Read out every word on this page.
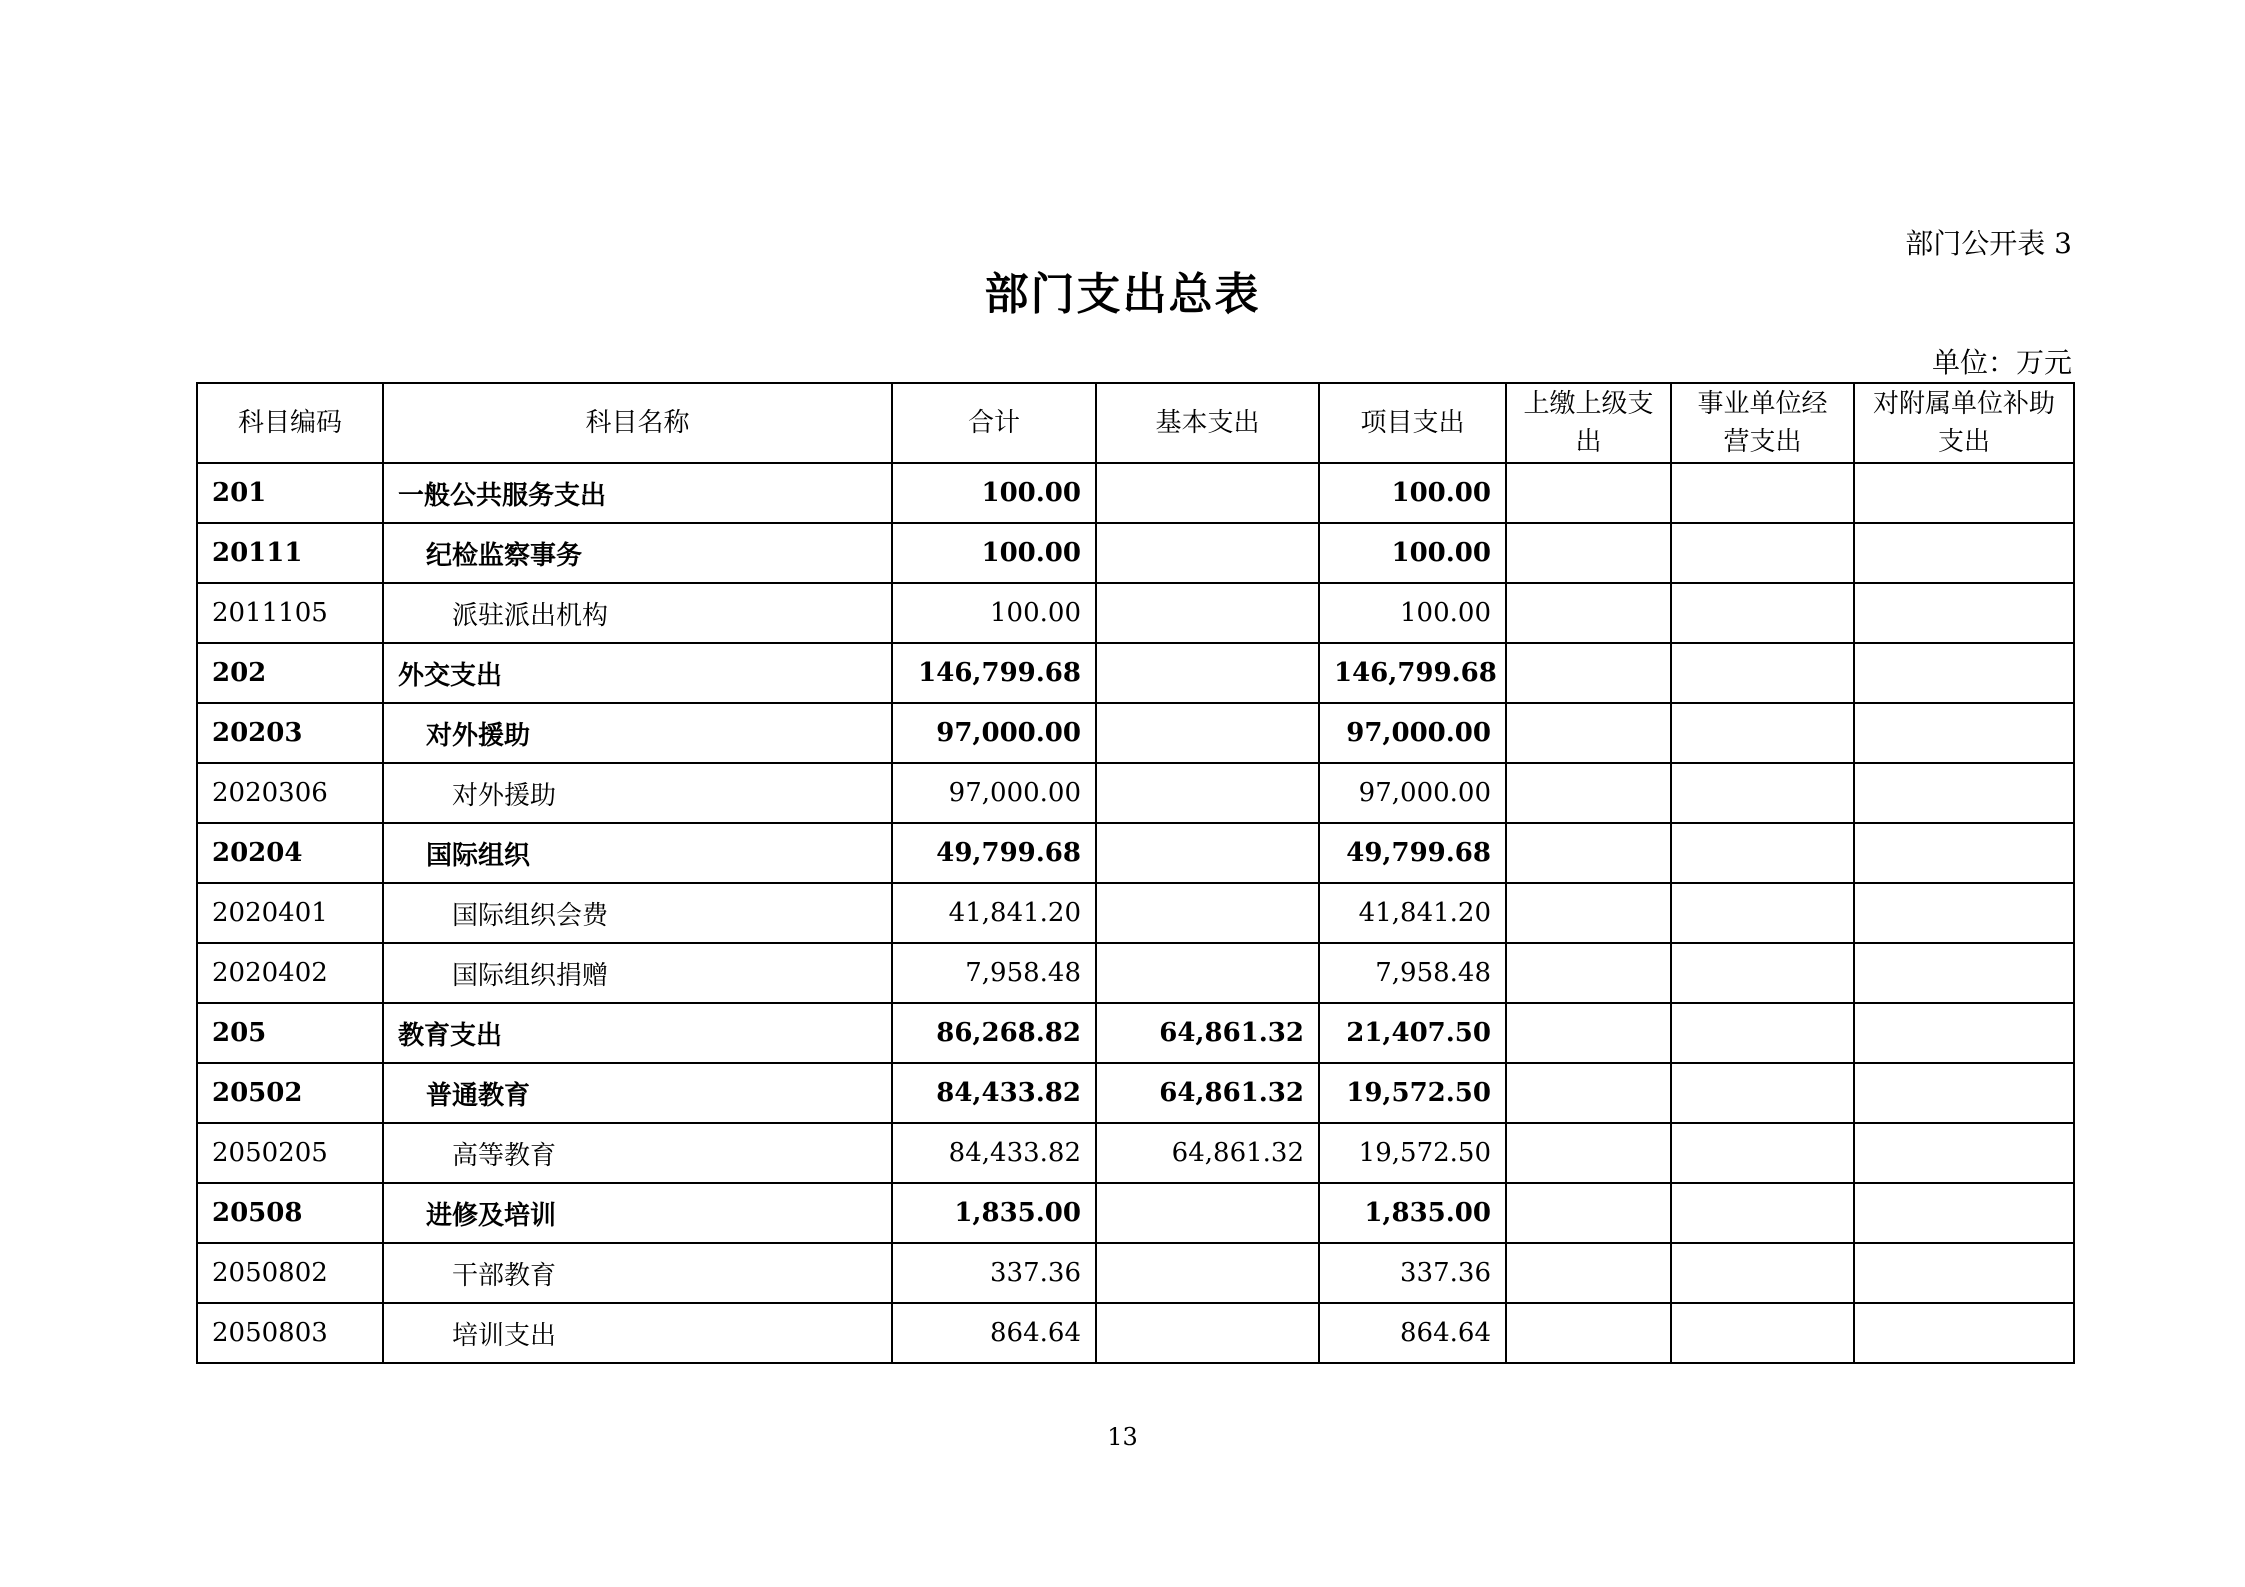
部门公开表 3
部门支出总表
单位：万元
科目编码	科目名称	合计	基本支出	项目支出	上缴上级支出	事业单位经营支出	对附属单位补助支出
201	一般公共服务支出	100.00		100.00			
20111	纪检监察事务	100.00		100.00			
2011105	派驻派出机构	100.00		100.00			
202	外交支出	146,799.68		146,799.68			
20203	对外援助	97,000.00		97,000.00			
2020306	对外援助	97,000.00		97,000.00			
20204	国际组织	49,799.68		49,799.68			
2020401	国际组织会费	41,841.20		41,841.20			
2020402	国际组织捐赠	7,958.48		7,958.48			
205	教育支出	86,268.82	64,861.32	21,407.50			
20502	普通教育	84,433.82	64,861.32	19,572.50			
2050205	高等教育	84,433.82	64,861.32	19,572.50			
20508	进修及培训	1,835.00		1,835.00			
2050802	干部教育	337.36		337.36			
2050803	培训支出	864.64		864.64			
13
